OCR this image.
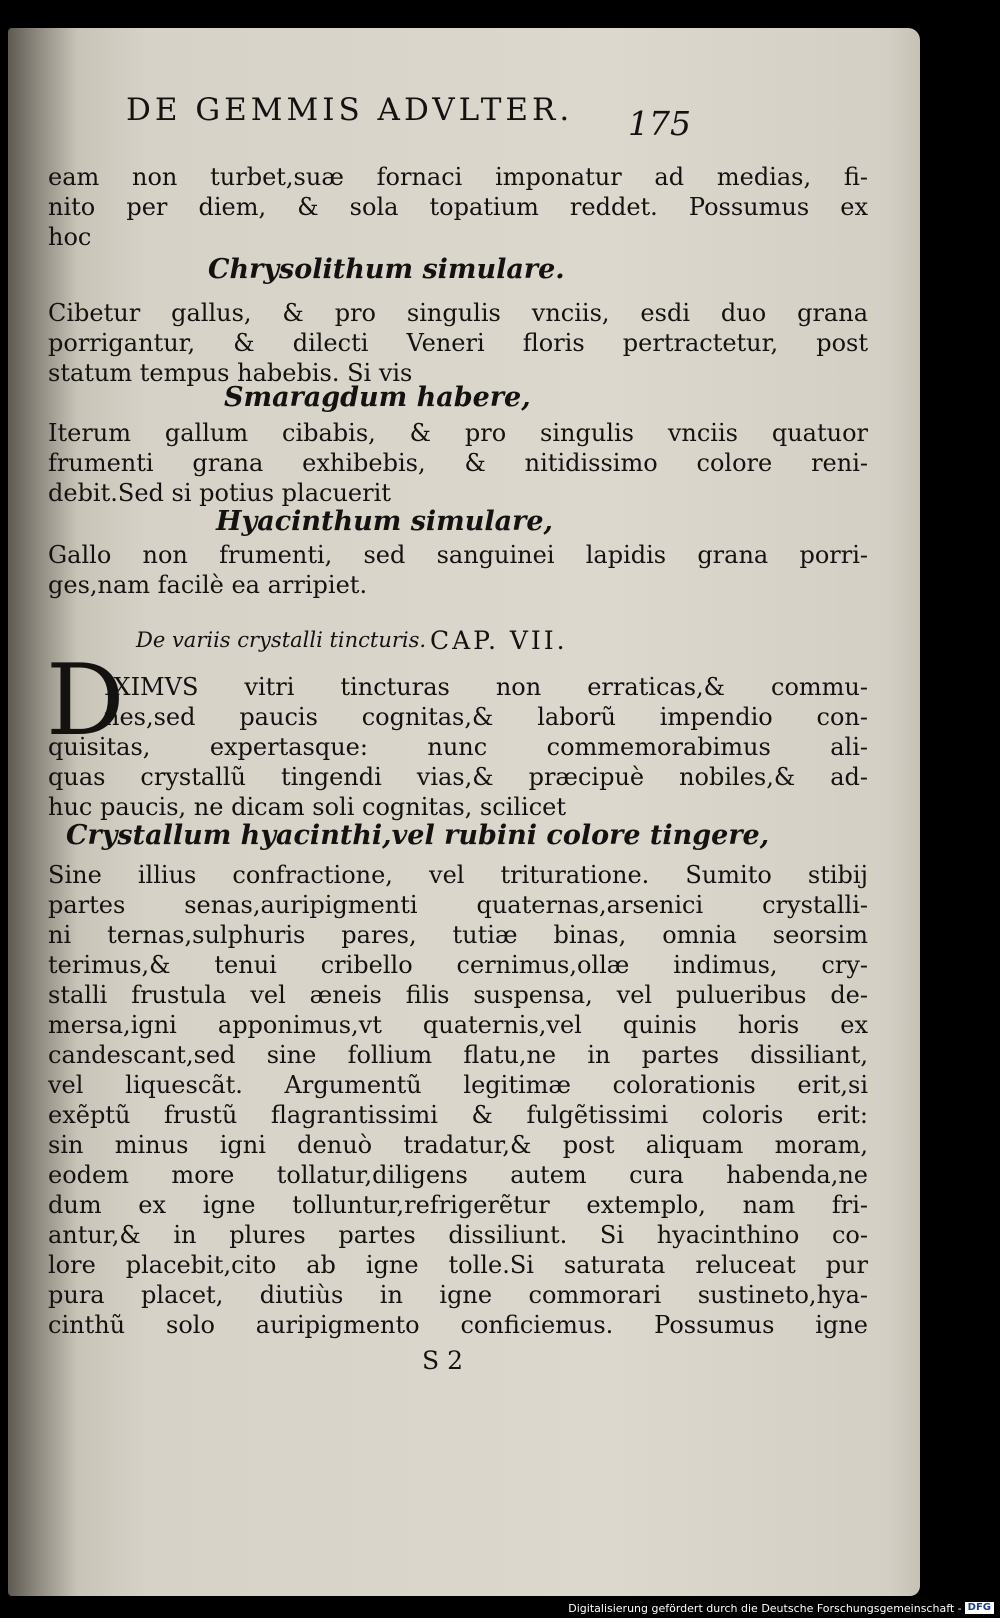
DE GEMMIS ADVLTER.	175
eam non turbet,suæ fornaci imponatur ad medias, fi-
nito per diem, & sola topatium reddet. Possumus ex
hoc
Chrysolithum simulare.
Cibetur gallus, & pro singulis vnciis, esdi duo grana
porrigantur, & dilecti Veneri floris pertractetur, post
statum tempus habebis. Si vis
Smaragdum habere,
Iterum gallum cibabis, & pro singulis vnciis quatuor
frumenti grana exhibebis, & nitidissimo colore reni-
debit.Sed si potius placuerit
Hyacinthum simulare,
Gallo non frumenti, sed sanguinei lapidis grana porri-
ges,nam facilè ea arripiet.
De variis crystalli tincturis. CAP. VII.
D
IXIMVS vitri tincturas non erraticas,& commu-
nes,sed paucis cognitas,& laborũ impendio con-
quisitas, expertasque: nunc commemorabimus ali-
quas crystallũ tingendi vias,& præcipuè nobiles,& ad-
huc paucis, ne dicam soli cognitas, scilicet
Crystallum hyacinthi,vel rubini colore tingere,
Sine illius confractione, vel trituratione. Sumito stibij
partes senas,auripigmenti quaternas,arsenici crystalli-
ni ternas,sulphuris pares, tutiæ binas, omnia seorsim
terimus,& tenui cribello cernimus,ollæ indimus, cry-
stalli frustula vel æneis filis suspensa, vel pulueribus de-
mersa,igni apponimus,vt quaternis,vel quinis horis ex
candescant,sed sine follium flatu,ne in partes dissiliant,
vel liquescãt. Argumentũ legitimæ colorationis erit,si
exẽptũ frustũ flagrantissimi & fulgẽtissimi coloris erit:
sin minus igni denuò tradatur,& post aliquam moram,
eodem more tollatur,diligens autem cura habenda,ne
dum ex igne tolluntur,refrigerẽtur extemplo, nam fri-
antur,& in plures partes dissiliunt. Si hyacinthino co-
lore placebit,cito ab igne tolle.Si saturata reluceat pur
pura placet, diutiùs in igne commorari sustineto,hya-
cinthũ solo auripigmento conficiemus. Possumus igne
S 2
Digitalisierung gefördert durch die Deutsche Forschungsgemeinschaft - DFG
